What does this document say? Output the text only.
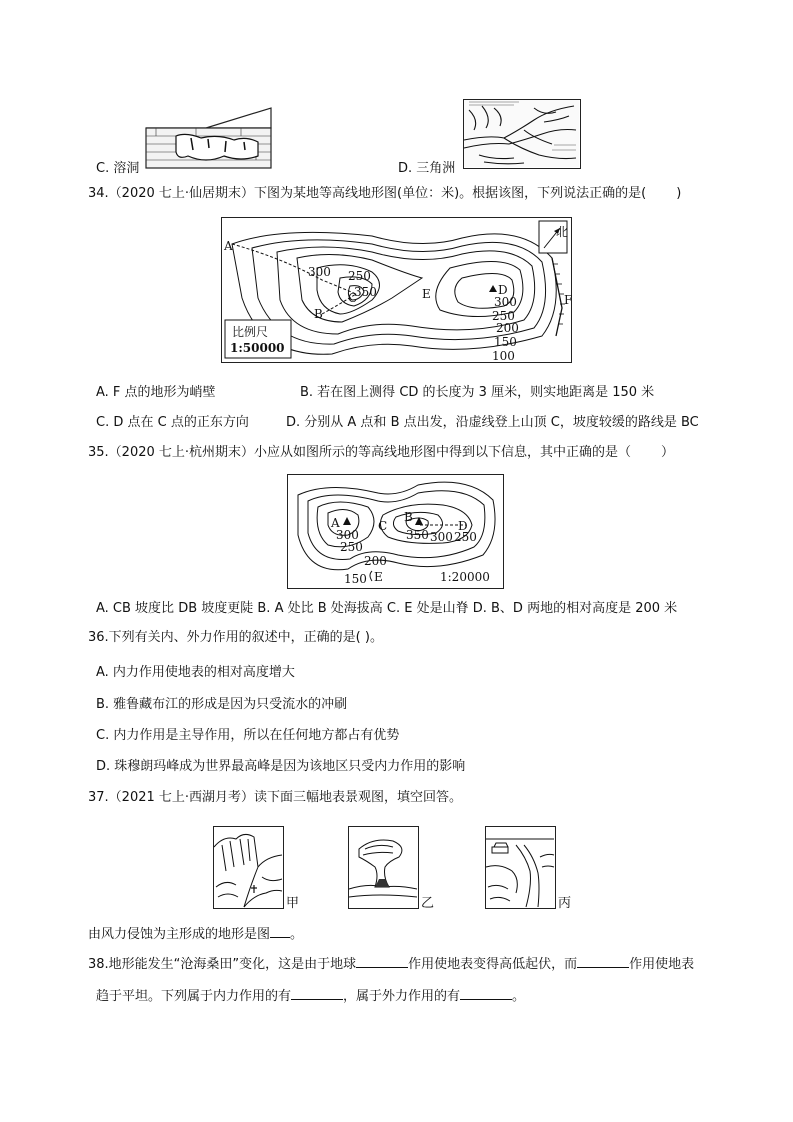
C. 溶洞	D. 三角洲
34.（2020 七上·仙居期末）下图为某地等高线地形图(单位：米)。根据该图，下列说法正确的是( )
北
A
B
C
D
E	F
300 250
350
300
250
200
150
100
比例尺
1:50000
A. F 点的地形为峭壁	B. 若在图上测得 CD 的长度为 3 厘米，则实地距离是 150 米
C. D 点在 C 点的正东方向	D. 分别从 A 点和 B 点出发，沿虚线登上山顶 C，坡度较缓的路线是 BC
35.（2020 七上·杭州期末）小应从如图所示的等高线地形图中得到以下信息，其中正确的是（ ）
A	B
C	D
E
300
250
350 300 250
200
150	1:20000
A. CB 坡度比 DB 坡度更陡 B. A 处比 B 处海拔高 C. E 处是山脊 D. B、D 两地的相对高度是 200 米
36.下列有关内、外力作用的叙述中，正确的是( )。
A. 内力作用使地表的相对高度增大
B. 雅鲁藏布江的形成是因为只受流水的冲刷
C. 内力作用是主导作用，所以在任何地方都占有优势
D. 珠穆朗玛峰成为世界最高峰是因为该地区只受内力作用的影响
37.（2021 七上·西湖月考）读下面三幅地表景观图，填空回答。
甲	乙	丙
由风力侵蚀为主形成的地形是图 。
38.地形能发生“沧海桑田”变化，这是由于地球	作用使地表变得高低起伏，而	作用使地表
趋于平坦。下列属于内力作用的有	，属于外力作用的有	。
